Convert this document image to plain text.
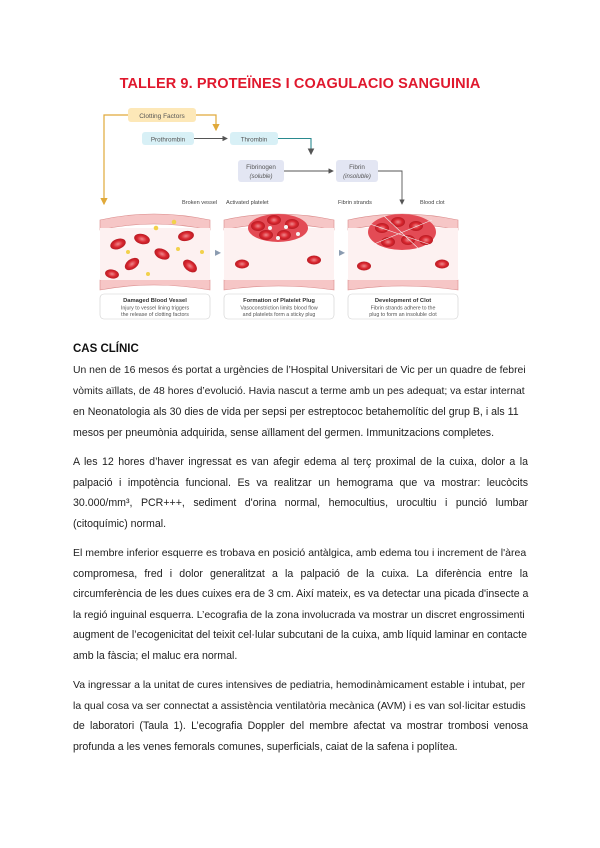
TALLER 9. PROTEÏNES I COAGULACIO SANGUINIA
Clotting Factors
Prothrombin	Thrombin
Fibrinogen
(soluble)
Fibrin
(insoluble)
Broken vessel Activated platelet	Fibrin strands	Blood clot
▸	▸
Damaged Blood Vessel
Injury to vessel lining triggers
the release of clotting factors
Formation of Platelet Plug
Vasoconstriction limits blood flow
and platelets form a sticky plug
Development of Clot
Fibrin strands adhere to the
plug to form an insoluble clot
CAS CLÍNIC
Un nen de 16 mesos és portat a urgències de l’Hospital Universitari de Vic per un quadre de febrei
vòmits aïllats, de 48 hores d’evolució. Havia nascut a terme amb un pes adequat; va estar internat
en Neonatologia als 30 dies de vida per sepsi per estreptococ betahemolític del grup B, i als 11
mesos per pneumònia adquirida, sense aïllament del germen. Immunitzacions completes.
A les 12 hores d’haver ingressat es van afegir edema al terç proximal de la cuixa, dolor a la
palpació i impotència funcional. Es va realitzar un hemograma que va mostrar: leucòcits
30.000/mm³, PCR+++, sediment d'orina normal, hemocultius, urocultiu i punció lumbar
(citoquímic) normal.
El membre inferior esquerre es trobava en posició antàlgica, amb edema tou i increment de l'àrea
compromesa, fred i dolor generalitzat a la palpació de la cuixa. La diferència entre la
circumferència de les dues cuixes era de 3 cm. Així mateix, es va detectar una picada d'insecte a
la regió inguinal esquerra. L’ecografia de la zona involucrada va mostrar un discret engrossimenti
augment de l’ecogenicitat del teixit cel·lular subcutani de la cuixa, amb líquid laminar en contacte
amb la fàscia; el maluc era normal.
Va ingressar a la unitat de cures intensives de pediatria, hemodinàmicament estable i intubat, per
la qual cosa va ser connectat a assistència ventilatòria mecànica (AVM) i es van sol·licitar estudis
de laboratori (Taula 1). L’ecografia Doppler del membre afectat va mostrar trombosi venosa
profunda a les venes femorals comunes, superficials, caiat de la safena i poplítea.
